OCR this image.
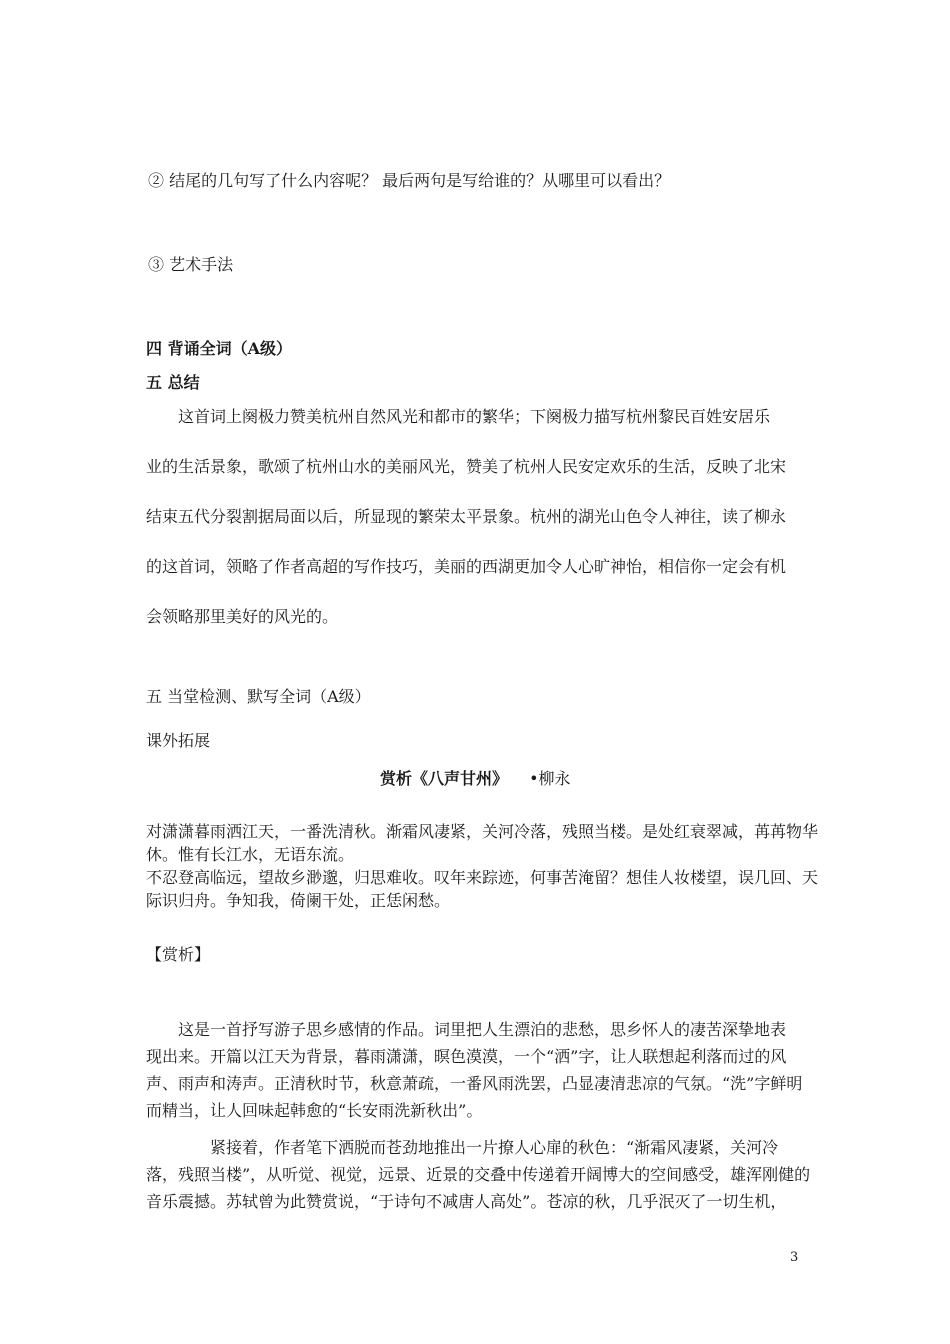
② 结尾的几句写了什么内容呢？ 最后两句是写给谁的？从哪里可以看出？
③ 艺术手法
四 背诵全词（A级）
五 总结
这首词上阕极力赞美杭州自然风光和都市的繁华；下阕极力描写杭州黎民百姓安居乐
业的生活景象，歌颂了杭州山水的美丽风光，赞美了杭州人民安定欢乐的生活，反映了北宋
结束五代分裂割据局面以后，所显现的繁荣太平景象。杭州的湖光山色令人神往，读了柳永
的这首词，领略了作者高超的写作技巧，美丽的西湖更加令人心旷神怡，相信你一定会有机
会领略那里美好的风光的。
五 当堂检测、默写全词（A级）
课外拓展
赏析《八声甘州》 •柳永
对潇潇暮雨洒江天，一番洗清秋。渐霜风凄紧，关河冷落，残照当楼。是处红衰翠减，苒苒物华
休。惟有长江水，无语东流。
不忍登高临远，望故乡渺邈，归思难收。叹年来踪迹，何事苦淹留？想佳人妆楼望，误几回、天
际识归舟。争知我，倚阑干处，正恁闲愁。
【赏析】
这是一首抒写游子思乡感情的作品。词里把人生漂泊的悲愁，思乡怀人的凄苦深挚地表
现出来。开篇以江天为背景，暮雨潇潇，暝色漠漠，一个“洒”字，让人联想起利落而过的风
声、雨声和涛声。正清秋时节，秋意萧疏，一番风雨洗罢，凸显凄清悲凉的气氛。“洗”字鲜明
而精当，让人回味起韩愈的“长安雨洗新秋出”。
紧接着，作者笔下洒脱而苍劲地推出一片撩人心扉的秋色：“渐霜风凄紧，关河冷
落，残照当楼”，从听觉、视觉，远景、近景的交叠中传递着开阔博大的空间感受，雄浑刚健的
音乐震撼。苏轼曾为此赞赏说，“于诗句不减唐人高处”。苍凉的秋，几乎泯灭了一切生机，
3
